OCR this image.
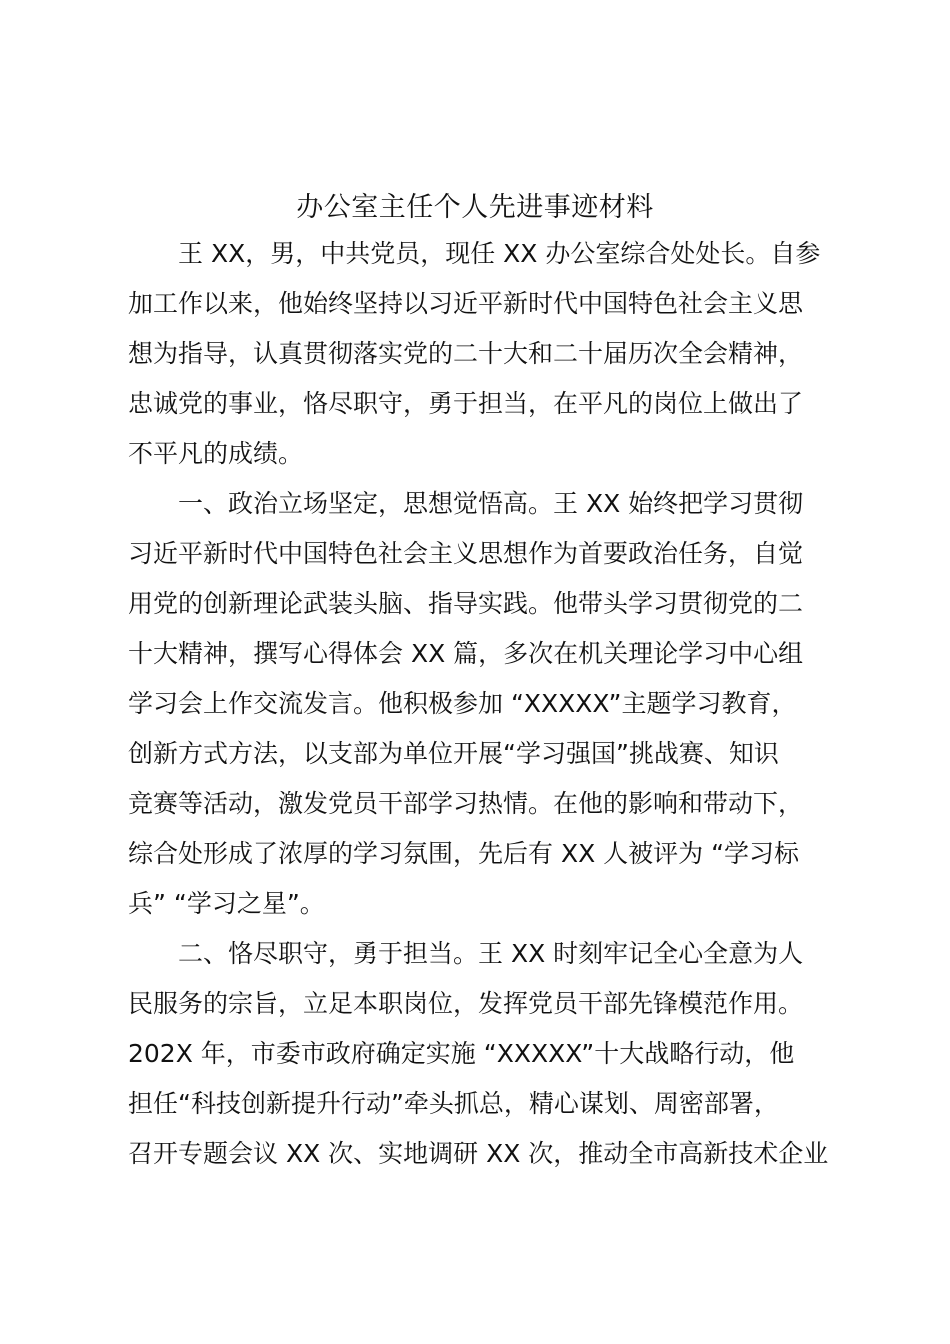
办公室主任个人先进事迹材料
王 XX，男，中共党员，现任 XX 办公室综合处处长。自参
加工作以来，他始终坚持以习近平新时代中国特色社会主义思
想为指导，认真贯彻落实党的二十大和二十届历次全会精神，
忠诚党的事业，恪尽职守，勇于担当，在平凡的岗位上做出了
不平凡的成绩。
一、政治立场坚定，思想觉悟高。王 XX 始终把学习贯彻
习近平新时代中国特色社会主义思想作为首要政治任务，自觉
用党的创新理论武装头脑、指导实践。他带头学习贯彻党的二
十大精神，撰写心得体会 XX 篇，多次在机关理论学习中心组
学习会上作交流发言。他积极参加 “XXXXX”主题学习教育，
创新方式方法，以支部为单位开展“学习强国”挑战赛、知识
竞赛等活动，激发党员干部学习热情。在他的影响和带动下，
综合处形成了浓厚的学习氛围，先后有 XX 人被评为 “学习标
兵” “学习之星”。
二、恪尽职守，勇于担当。王 XX 时刻牢记全心全意为人
民服务的宗旨，立足本职岗位，发挥党员干部先锋模范作用。
202X 年，市委市政府确定实施 “XXXXX”十大战略行动，他
担任“科技创新提升行动”牵头抓总，精心谋划、周密部署，
召开专题会议 XX 次、实地调研 XX 次，推动全市高新技术企业
